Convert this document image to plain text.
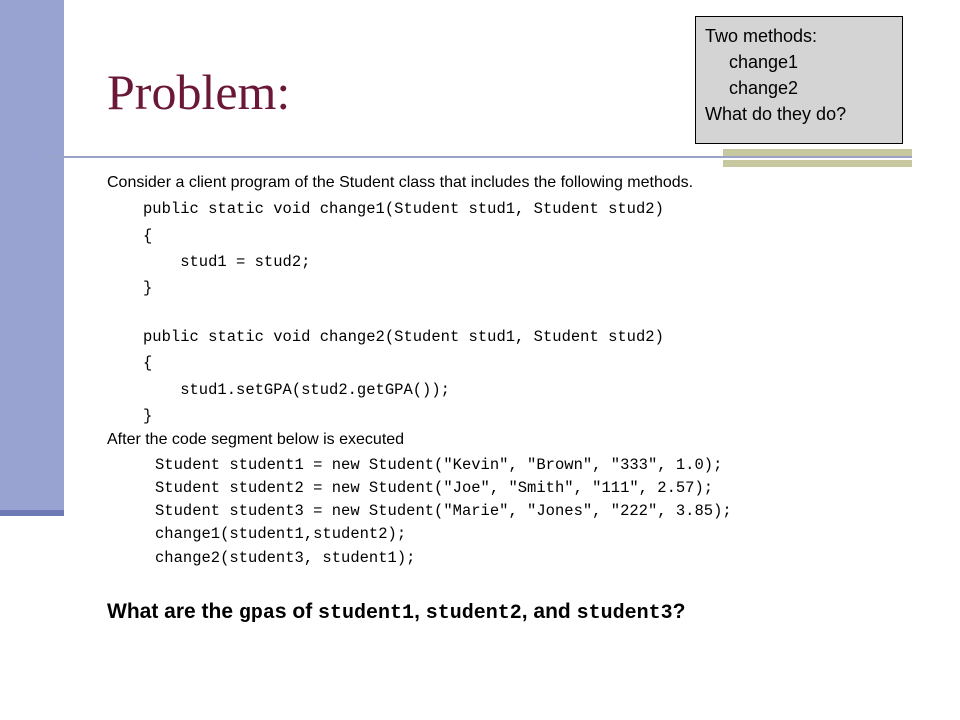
Problem:
Two methods:
change1
change2
What do they do?

Consider a client program of the Student class that includes the following methods.

public static void change1(Student stud1, Student stud2)
{
stud1 = stud2;
}
public static void change2(Student stud1, Student stud2)
{
stud1.setGPA(stud2.getGPA());
}

After the code segment below is executed

Student student1 = new Student("Kevin", "Brown", "333", 1.0);
Student student2 = new Student("Joe", "Smith", "111", 2.57);
Student student3 = new Student("Marie", "Jones", "222", 3.85);
change1(student1,student2);
change2(student3, student1);

What are the gpas of student1, student2, and student3?
